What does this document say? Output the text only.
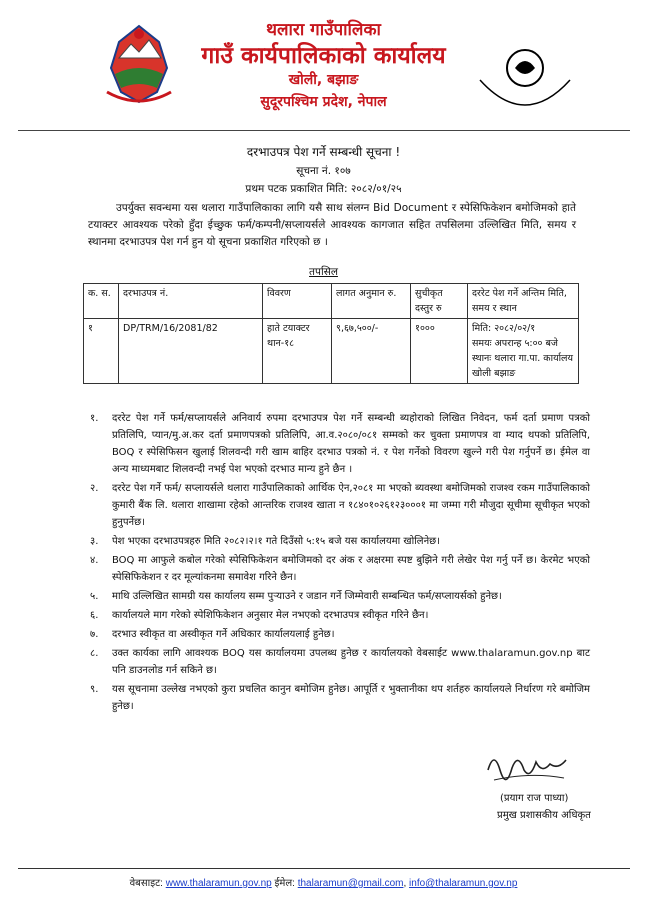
थलारा गाउँपालिका
गाउँ कार्यपालिकाको कार्यालय
खोली, बझाङ
सुदूरपश्चिम प्रदेश, नेपाल
दरभाउपत्र पेश गर्ने सम्बन्धी सूचना !
सूचना नं. १०७
प्रथम पटक प्रकाशित मिति: २०८२/०१/२५
उपर्युक्त सवन्धमा यस थलारा गाउँपालिकाका लागि यसै साथ संलग्न Bid Document र स्पेसिफिकेशन बमोजिमको हाते टयाक्टर आवश्यक परेको हुँदा ईच्छुक फर्म/कम्पनी/सप्लायर्सले आवश्यक कागजात सहित तपसिलमा उल्लिखित मिति, समय र स्थानमा दरभाउपत्र पेश गर्न हुन यो सूचना प्रकाशित गरिएको छ ।
तपसिल
क. स.	दरभाउपत्र नं.	विवरण	लागत अनुमान रु.	सुचीकृत दस्तुर रु	दररेट पेश गर्ने अन्तिम मिति, समय र स्थान
१	DP/TRM/16/2081/82	हाते टयाक्टर थान-१८	९,६७,५००/-	१०००	मिति: २०८२/०२/१
समयः अपरान्ह ५:०० बजे
स्थानः थलारा गा.पा. कार्यालय खोली बझाङ
१.	दररेट पेश गर्ने फर्म/सप्लायर्सले अनिवार्य रुपमा दरभाउपत्र पेश गर्ने सम्बन्धी ब्यहोराको लिखित निवेदन, फर्म दर्ता प्रमाण पत्रको प्रतिलिपि, प्यान/मु.अ.कर दर्ता प्रमाणपत्रको प्रतिलिपि, आ.व.२०८०/०८१ सम्मको कर चुक्ता प्रमाणपत्र वा म्याद थपको प्रतिलिपि, BOQ र स्पेसिफिसन खुलाई शिलवन्दी गरी खाम बाहिर दरभाउ पत्रको नं. र पेश गर्नेको विवरण खुल्ने गरी पेश गर्नुपर्ने छ। ईमेल वा अन्य माध्यमबाट शिलवन्दी नभई पेश भएको दरभाउ मान्य हुने छैन ।
२.	दररेट पेश गर्ने फर्म/ सप्लायर्सले थलारा गाउँपालिकाको आर्थिक ऐन,२०८१ मा भएको ब्यवस्था बमोजिमको राजश्व रकम गाउँपालिकाको कुमारी बैंक लि. थलारा शाखामा रहेको आन्तरिक राजश्व खाता न १८४०१०२६१२३०००१ मा जम्मा गरी मौजुदा सूचीमा सूचीकृत भएको हुनुपर्नेछ।
३.	पेश भएका दरभाउपत्रहरु मिति २०८२।२।१ गते दिउँसो ५:१५ बजे यस कार्यालयमा खोलिनेछ।
४.	BOQ मा आफुले कबोल गरेको स्पेसिफिकेशन बमोजिमको दर अंक र अक्षरमा स्पष्ट बुझिने गरी लेखेर पेश गर्नु पर्ने छ। केरमेट भएको स्पेसिफिकेशन र दर मूल्यांकनमा समावेश गरिने छैन।
५.	माथि उल्लिखित सामग्री यस कार्यालय सम्म पुऱ्याउने र जडान गर्ने जिम्मेवारी सम्बन्धित फर्म/सप्लायर्सको हुनेछ।
६.	कार्यालयले माग गरेको स्पेशिफिकेशन अनुसार मेल नभएको दरभाउपत्र स्वीकृत गरिने छैन।
७.	दरभाउ स्वीकृत वा अस्वीकृत गर्ने अधिकार कार्यालयलाई हुनेछ।
८.	उक्त कार्यका लागि आवश्यक BOQ यस कार्यालयमा उपलब्ध हुनेछ र कार्यालयको वेबसाईट www.thalaramun.gov.np बाट पनि डाउनलोड गर्न सकिने छ।
९.	यस सूचनामा उल्लेख नभएको कुरा प्रचलित कानुन बमोजिम हुनेछ। आपूर्ति र भुक्तानीका थप शर्तहरु कार्यालयले निर्धारण गरे बमोजिम हुनेछ।
(प्रयाग राज पाध्या)
प्रमुख प्रशासकीय अधिकृत
वेबसाइट: www.thalaramun.gov.np ईमेल: thalaramun@gmail.com, info@thalaramun.gov.np
